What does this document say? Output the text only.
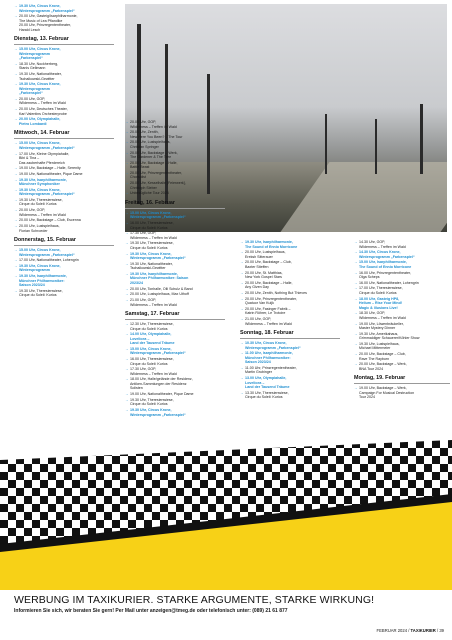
→ 19.30 Uhr, Circus Krone,
Wintersprogramm „Farbenspiel“
→ 20.00 Uhr, Gasteig/Isarphilharmonie,
The Music of Lea Pflandlke
20.00 Uhr, Prinzregententheater,
Harald Lesch
Dienstag, 13. Februar
→ 15.00 Uhr, Circus Krone,
Wintersprogramm
„Farbenspiel“
→ 18.30 Uhr, Nockherberg,
Stanis Gellmann
→ 19.30 Uhr, Nationaltheater,
Tschaikowski-Gewitter
→ 19.30 Uhr, Circus Krone,
Wintersprogramm
„Farbenspiel“
→ 20.00 Uhr, GOP,
Wilderness – Treffen im Wald
→ 20.00 Uhr, Deutsches Theater,
Karl Valentins Orchesterprobe
→ 20.00 Uhr, Olympiahalle,
Pietro Lombardi
Mittwoch, 14. Februar
→ 15.00 Uhr, Circus Krone,
Wintersprogramm „Farbenspiel“
→ 17.00 Uhr, Kleine Olympiahalle,
Bibi & Tina –
Das zauberhafte Pferdereich
→ 19.00 Uhr, Backstage – Halle, Serenity
→ 19.00 Uhr, Nationaltheater, Pique Dame
→ 19.30 Uhr, Isarphilharmonie,
Münchner Symphoniker
→ 19.30 Uhr, Circus Krone,
Wintersprogramm „Farbenspiel“
→ 19.30 Uhr, Theresienwiese,
Cirque du Soleil: Kurios
→ 20.00 Uhr, GOP,
Wilderness – Treffen im Wald
→ 20.00 Uhr, Backstage – Club, Escenna
→ 20.00 Uhr, Lustspielhaus,
Florian Schroeder
Donnerstag, 15. Februar
→ 15.00 Uhr, Circus Krone,
Wintersprogramm „Farbenspiel“
→ 17.00 Uhr, Nationaltheater, Lohengrin
→ 19.30 Uhr, Circus Krone,
Wintersprogramm
→ 19.30 Uhr, Isarphilharmonie,
Münchner Philharmoniker:
Saison 2023/24
→ 19.30 Uhr, Theresienwiese,
Cirque du Soleil: Kurios
→ 20.00 Uhr, GOP,
Wilderness – Treffen im Wald
→ 20.00 Uhr, Zenith,
New Here You Been? – The Tour
→ 20.00 Uhr, Lustspielhaus,
Christian Springer
→ 20.00 Uhr, Backstage – Werk,
The Gardener & The Tree
→ 20.00 Uhr, Backstage – Halle,
Battle Beast
→ 20.00 Uhr, Prinzregententheater,
Chorsolist
→ 20.00 Uhr, Kesselhalle [Feierwerk],
Christoph Sieber
→ Unbezügliche Tour 2024
Freitag, 16. Februar
→ 15.00 Uhr, Circus Krone,
Wintersprogramm „Farbenspiel“
→ 16.00 Uhr, Theresienwiese,
Cirque du Soleil: Kurios
→ 17.30 Uhr, GOP,
Wilderness – Treffen im Wald
→ 19.30 Uhr, Theresienwiese,
Cirque du Soleil: Kurios
→ 19.30 Uhr, Circus Krone,
Wintersprogramm „Farbenspiel“
→ 19.30 Uhr, Nationaltheater,
Tschaikowski-Gewitter
→ 19.30 Uhr, Isarphilharmonie,
Münchner Philharmoniker: Saison
2023/24
→ 20.00 Uhr, Tonhalle, Olli Schulz & Band
→ 20.00 Uhr, Lustspielhaus, Max Uthoff
→ 21.00 Uhr, GOP,
Wilderness – Treffen im Wald
Samstag, 17. Februar
→ 12.30 Uhr, Theresienwiese,
Cirque du Soleil: Kurios
→ 14.00 Uhr, Olympiahalle,
Lovelicea –
Land der Tausend Träume
→ 15.00 Uhr, Circus Krone,
Wintersprogramm „Farbenspiel“
→ 16.00 Uhr, Theresienwiese,
Cirque du Soleil: Kurios
→ 17.30 Uhr, GOP,
Wilderness – Treffen im Wald
→ 18.00 Uhr, Halle/gelände der Residenz,
Antiken-Sammlungen der Residenz
Solisten
→ 19.00 Uhr, Nationaltheater, Pique Dame
→ 19.30 Uhr, Theresienwiese,
Cirque du Soleil: Kurios
→ 19.30 Uhr, Circus Krone,
Wintersprogramm „Farbenspiel“
→ 19.30 Uhr, Isarphilharmonie,
The Sound of Ennio Morricone
→ 20.00 Uhr, Lustspielhaus,
Ereksh Sitterauer
→ 20.00 Uhr, Backstage – Club,
Baxter Stieffen
→ 20.00 Uhr, St. Matthias,
New York Gospel Stars
→ 20.00 Uhr, Backstage – Halle,
Any Given Day
→ 20.00 Uhr, Zenith, Nothing But Thieves
→ 20.00 Uhr, Prinzregententheater,
Quatuor Van Kuijk
→ 20.00 Uhr, Fasinger Fabrik –
Katrin Röhrer, Le Trotoire
→ 21.00 Uhr, GOP,
Wilderness – Treffen im Wald
Sonntag, 18. Februar
→ 10.30 Uhr, Circus Krone,
Wintersprogramm „Farbenspiel“
→ 11.00 Uhr, Isarphilharmonie,
Münchner Philharmoniker:
Saison 2023/24
→ 11.00 Uhr, Prinzregententheater,
Martin Grubinger
→ 13.00 Uhr, Olympiahalle,
Lovelicea –
Land der Tausend Träume
→ 13.30 Uhr, Theresienwiese,
Cirque du Soleil: Kurios
→ 14.30 Uhr, GOP,
Wilderness – Treffen im Wald
→ 14.30 Uhr, Circus Krone,
Wintersprogramm „Farbenspiel“
→ 15.00 Uhr, Isarphilharmonie,
The Sound of Ennio Morricone
→ 16.00 Uhr, Prinzregententheater,
Olga Scheps
→ 16.00 Uhr, Nationaltheater, Lohengrin
→ 17.00 Uhr, Theresienwiese,
Cirque du Soleil: Kurios
→ 18.00 Uhr, Gasteig HP8,
Helium – Rise Your Mind!
Magic & Illusions Live!
→ 18.30 Uhr, GOP,
Wilderness – Treffen im Wald
→ 19.00 Uhr, Löwenbräukeller,
Master Mystery Dinner
→ 19.30 Uhr, Amerikahaus,
Grimmaldiger Schauerer/Köhler Show
→ 19.30 Uhr, Lustspielhaus,
Michael Mittermeier
→ 20.00 Uhr, Backstage – Club,
Rave The Rayburn
→ 20.00 Uhr, Backstage – Werk,
BNA Tour 2024
Montag, 19. Februar
→ 19.00 Uhr, Backstage – Werk,
Campaign For Musical Destruction
Tour 2024
WERBUNG IM TAXIKURIER. STARKE ARGUMENTE, STARKE WIRKUNG!
Informieren Sie sich, wir beraten Sie gern! Per Mail unter anzeigen@tmeg.de oder telefonisch unter: (089) 21 61 877
FEBRUAR 2024 / TAXIKURIER / 39
